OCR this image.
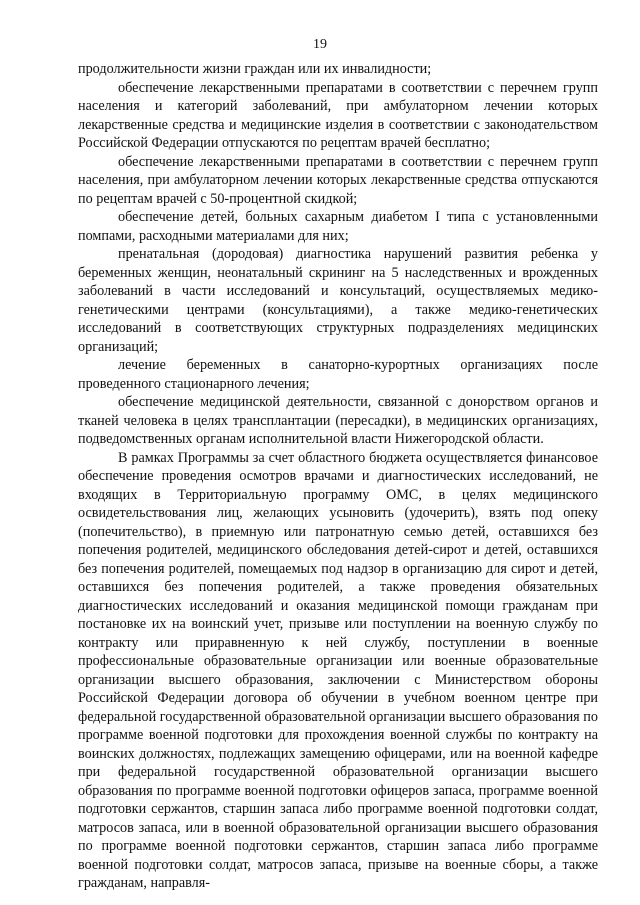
19

продолжительности жизни граждан или их инвалидности;

обеспечение лекарственными препаратами в соответствии с перечнем групп населения и категорий заболеваний, при амбулаторном лечении которых лекарственные средства и медицинские изделия в соответствии с законодательством Российской Федерации отпускаются по рецептам врачей бесплатно;

обеспечение лекарственными препаратами в соответствии с перечнем групп населения, при амбулаторном лечении которых лекарственные средства отпускаются по рецептам врачей с 50-процентной скидкой;

обеспечение детей, больных сахарным диабетом I типа с установленными помпами, расходными материалами для них;

пренатальная (дородовая) диагностика нарушений развития ребенка у беременных женщин, неонатальный скрининг на 5 наследственных и врожденных заболеваний в части исследований и консультаций, осуществляемых медико-генетическими центрами (консультациями), а также медико-генетических исследований в соответствующих структурных подразделениях медицинских организаций;

лечение беременных в санаторно-курортных организациях после проведенного стационарного лечения;

обеспечение медицинской деятельности, связанной с донорством органов и тканей человека в целях трансплантации (пересадки), в медицинских организациях, подведомственных органам исполнительной власти Нижегородской области.

В рамках Программы за счет областного бюджета осуществляется финансовое обеспечение проведения осмотров врачами и диагностических исследований, не входящих в Территориальную программу ОМС, в целях медицинского освидетельствования лиц, желающих усыновить (удочерить), взять под опеку (попечительство), в приемную или патронатную семью детей, оставшихся без попечения родителей, медицинского обследования детей-сирот и детей, оставшихся без попечения родителей, помещаемых под надзор в организацию для сирот и детей, оставшихся без попечения родителей, а также проведения обязательных диагностических исследований и оказания медицинской помощи гражданам при постановке их на воинский учет, призыве или поступлении на военную службу по контракту или приравненную к ней службу, поступлении в военные профессиональные образовательные организации или военные образовательные организации высшего образования, заключении с Министерством обороны Российской Федерации договора об обучении в учебном военном центре при федеральной государственной образовательной организации высшего образования по программе военной подготовки для прохождения военной службы по контракту на воинских должностях, подлежащих замещению офицерами, или на военной кафедре при федеральной государственной образовательной организации высшего образования по программе военной подготовки офицеров запаса, программе военной подготовки сержантов, старшин запаса либо программе военной подготовки солдат, матросов запаса, или в военной образовательной организации высшего образования по программе военной подготовки сержантов, старшин запаса либо программе военной подготовки солдат, матросов запаса, призыве на военные сборы, а также гражданам, направля-
